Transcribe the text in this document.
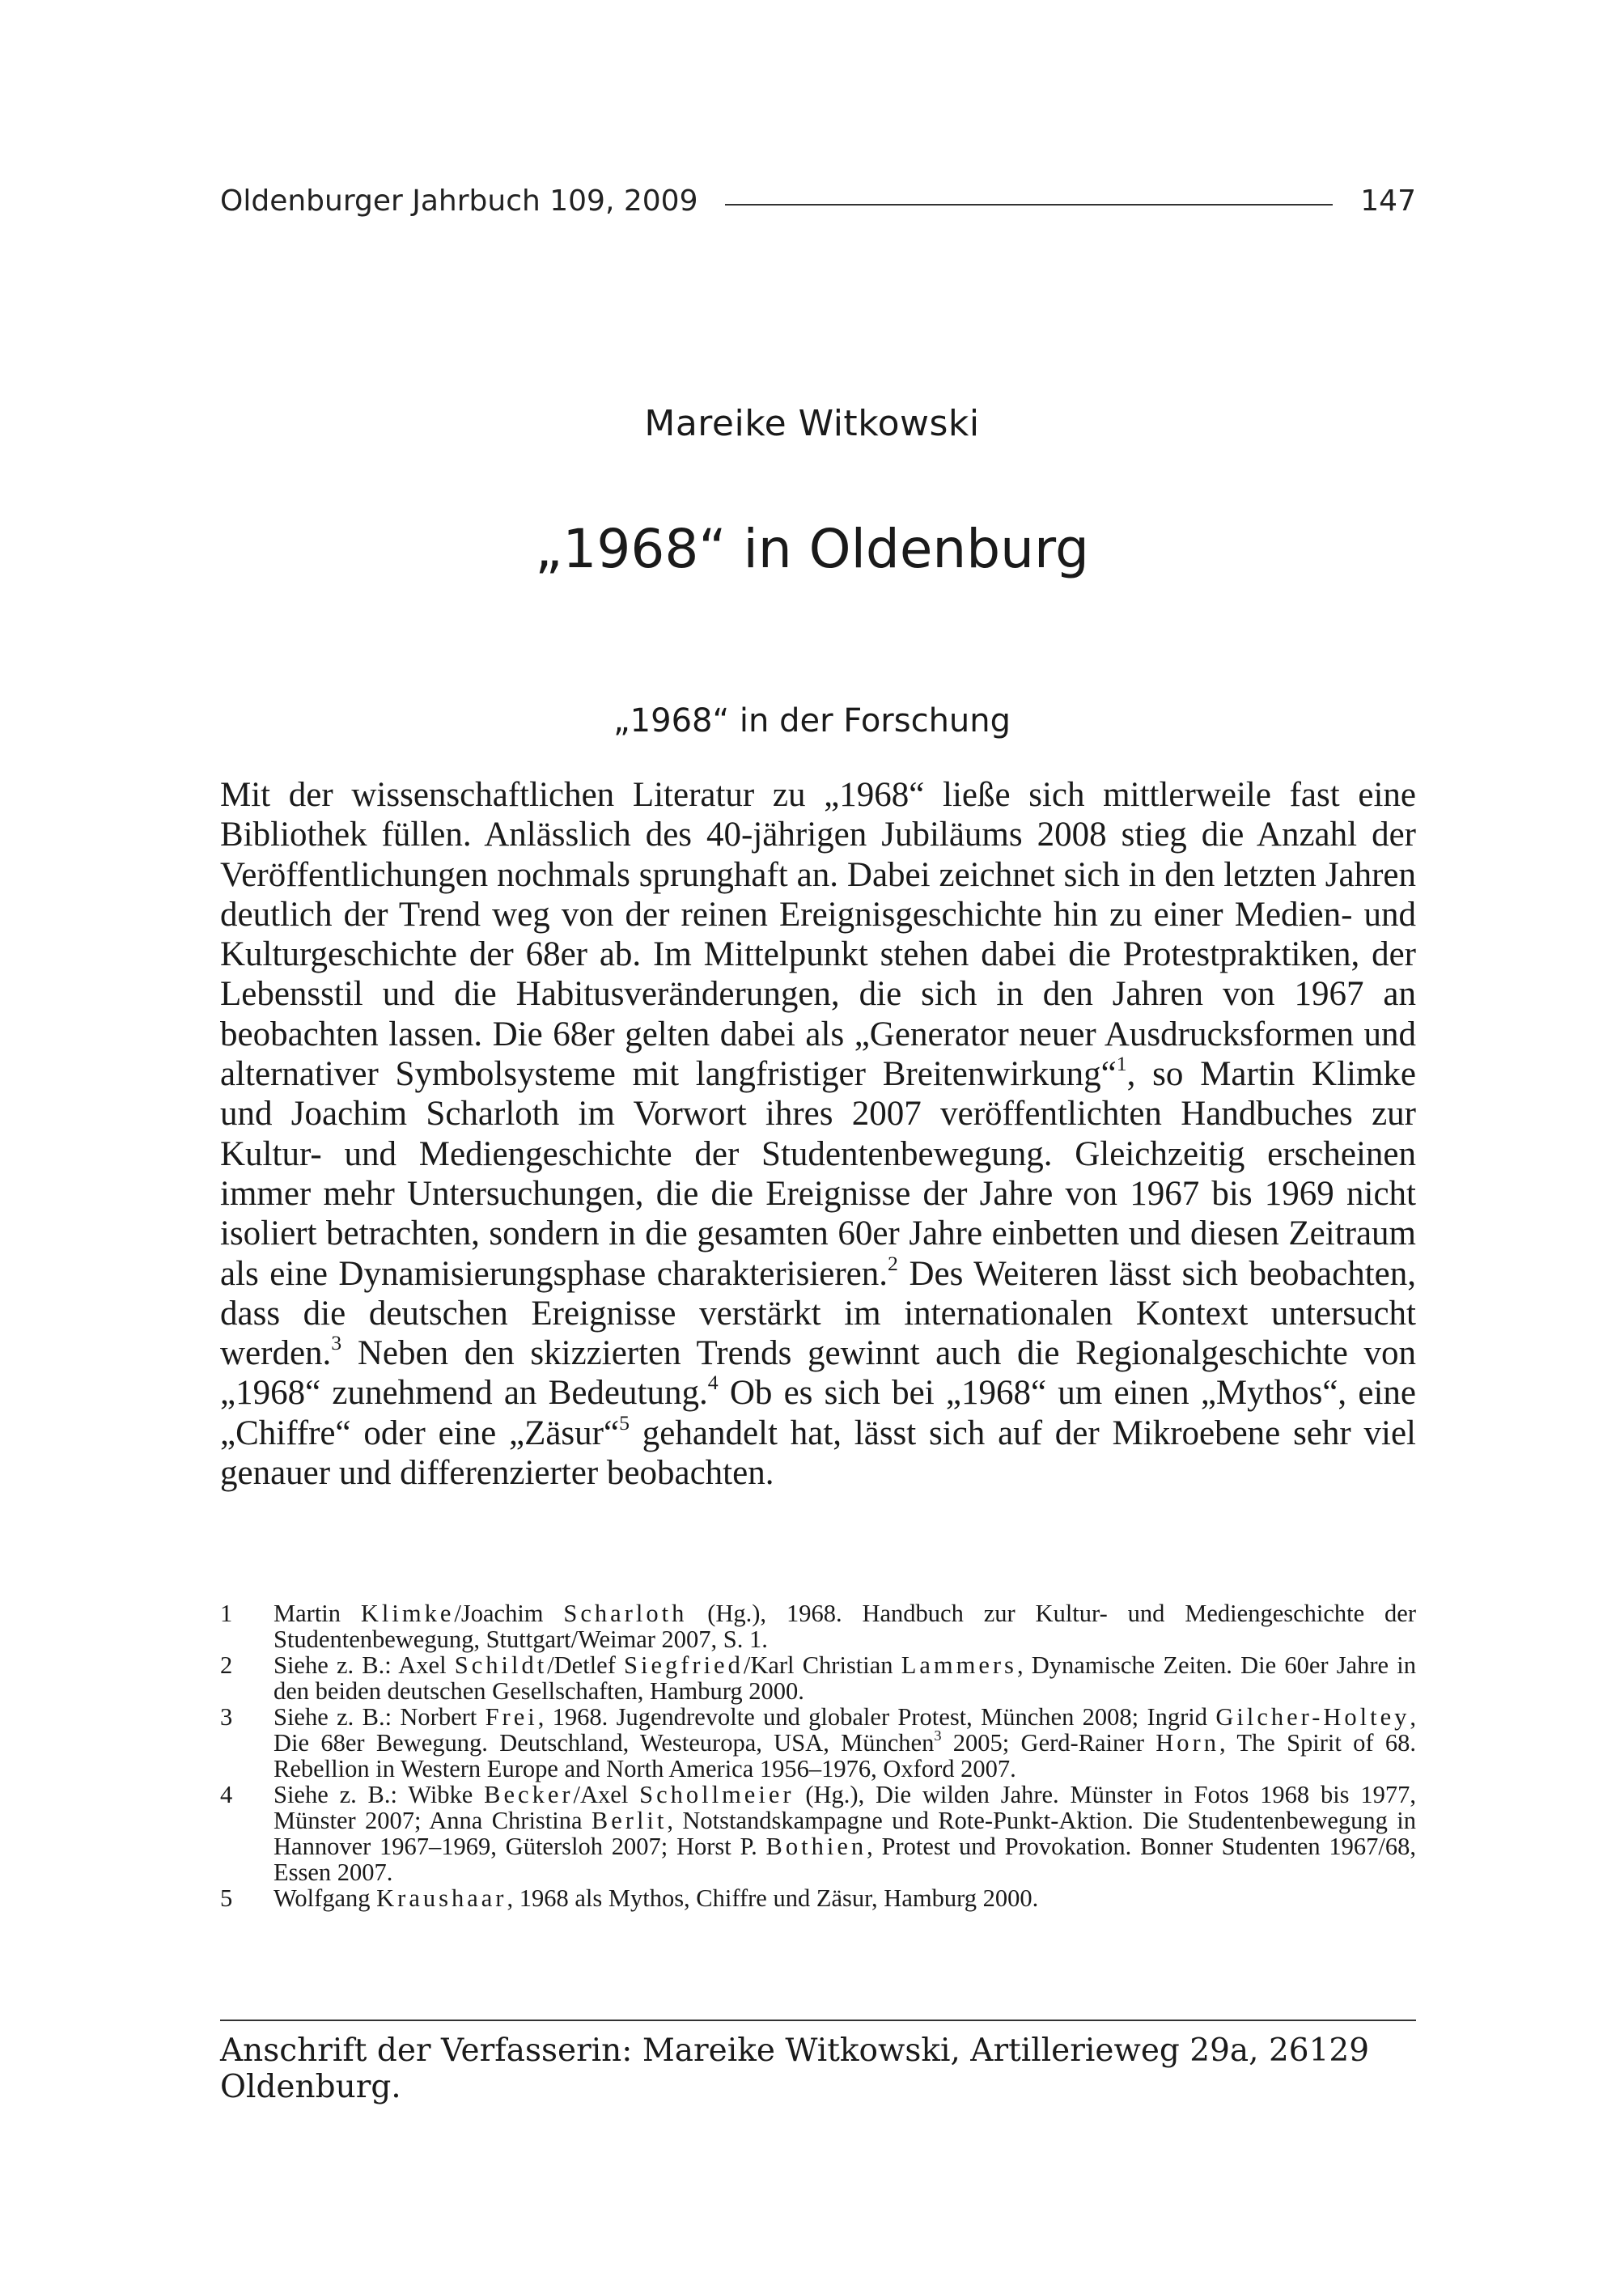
Oldenburger Jahrbuch 109, 2009	147
Mareike Witkowski
„1968“ in Oldenburg
„1968“ in der Forschung
Mit der wissenschaftlichen Literatur zu „1968“ ließe sich mittlerweile fast eine Bibliothek füllen. Anlässlich des 40-jährigen Jubiläums 2008 stieg die Anzahl der Veröffentlichungen nochmals sprunghaft an. Dabei zeichnet sich in den letzten Jahren deutlich der Trend weg von der reinen Ereignisgeschichte hin zu einer Medien- und Kulturgeschichte der 68er ab. Im Mittelpunkt stehen dabei die Protestpraktiken, der Lebensstil und die Habitusveränderungen, die sich in den Jahren von 1967 an beobachten lassen. Die 68er gelten dabei als „Generator neuer Ausdrucksformen und alternativer Symbolsysteme mit langfristiger Breitenwirkung“$^1$, so Martin Klimke und Joachim Scharloth im Vorwort ihres 2007 veröffentlichten Handbuches zur Kultur- und Mediengeschichte der Studentenbewegung. Gleichzeitig erscheinen immer mehr Untersuchungen, die die Ereignisse der Jahre von 1967 bis 1969 nicht isoliert betrachten, sondern in die gesamten 60er Jahre einbetten und diesen Zeitraum als eine Dynamisierungsphase charakterisieren.$^2$ Des Weiteren lässt sich beobachten, dass die deutschen Ereignisse verstärkt im internationalen Kontext untersucht werden.$^3$ Neben den skizzierten Trends gewinnt auch die Regionalgeschichte von „1968“ zunehmend an Bedeutung.$^4$ Ob es sich bei „1968“ um einen „Mythos“, eine „Chiffre“ oder eine „Zäsur“$^5$ gehandelt hat, lässt sich auf der Mikroebene sehr viel genauer und differenzierter beobachten.
1	Martin Klimke/Joachim Scharloth (Hg.), 1968. Handbuch zur Kultur- und Mediengeschichte der Studentenbewegung, Stuttgart/Weimar 2007, S. 1.
2	Siehe z. B.: Axel Schildt/Detlef Siegfried/Karl Christian Lammers, Dynamische Zeiten. Die 60er Jahre in den beiden deutschen Gesellschaften, Hamburg 2000.
3	Siehe z. B.: Norbert Frei, 1968. Jugendrevolte und globaler Protest, München 2008; Ingrid Gilcher-Holtey, Die 68er Bewegung. Deutschland, Westeuropa, USA, München$^3$ 2005; Gerd-Rainer Horn, The Spirit of 68. Rebellion in Western Europe and North America 1956–1976, Oxford 2007.
4	Siehe z. B.: Wibke Becker/Axel Schollmeier (Hg.), Die wilden Jahre. Münster in Fotos 1968 bis 1977, Münster 2007; Anna Christina Berlit, Notstandskampagne und Rote-Punkt-Aktion. Die Studentenbewegung in Hannover 1967–1969, Gütersloh 2007; Horst P. Bothien, Protest und Provokation. Bonner Studenten 1967/68, Essen 2007.
5	Wolfgang Kraushaar, 1968 als Mythos, Chiffre und Zäsur, Hamburg 2000.
Anschrift der Verfasserin: Mareike Witkowski, Artillerieweg 29a, 26129 Oldenburg.
